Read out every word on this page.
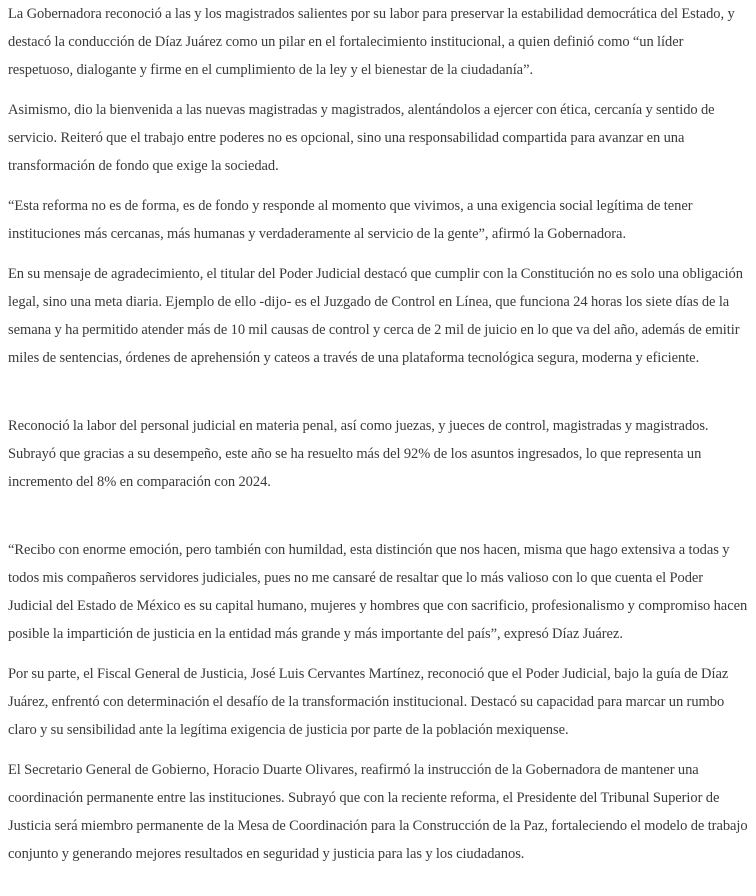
La Gobernadora reconoció a las y los magistrados salientes por su labor para preservar la estabilidad democrática del Estado, y destacó la conducción de Díaz Juárez como un pilar en el fortalecimiento institucional, a quien definió como “un líder respetuoso, dialogante y firme en el cumplimiento de la ley y el bienestar de la ciudadanía”.

Asimismo, dio la bienvenida a las nuevas magistradas y magistrados, alentándolos a ejercer con ética, cercanía y sentido de servicio. Reiteró que el trabajo entre poderes no es opcional, sino una responsabilidad compartida para avanzar en una transformación de fondo que exige la sociedad.

“Esta reforma no es de forma, es de fondo y responde al momento que vivimos, a una exigencia social legítima de tener instituciones más cercanas, más humanas y verdaderamente al servicio de la gente”, afirmó la Gobernadora.

En su mensaje de agradecimiento, el titular del Poder Judicial destacó que cumplir con la Constitución no es solo una obligación legal, sino una meta diaria. Ejemplo de ello -dijo- es el Juzgado de Control en Línea, que funciona 24 horas los siete días de la semana y ha permitido atender más de 10 mil causas de control y cerca de 2 mil de juicio en lo que va del año, además de emitir miles de sentencias, órdenes de aprehensión y cateos a través de una plataforma tecnológica segura, moderna y eficiente.

Reconoció la labor del personal judicial en materia penal, así como juezas, y jueces de control, magistradas y magistrados. Subrayó que gracias a su desempeño, este año se ha resuelto más del 92% de los asuntos ingresados, lo que representa un incremento del 8% en comparación con 2024.

“Recibo con enorme emoción, pero también con humildad, esta distinción que nos hacen, misma que hago extensiva a todas y todos mis compañeros servidores judiciales, pues no me cansaré de resaltar que lo más valioso con lo que cuenta el Poder Judicial del Estado de México es su capital humano, mujeres y hombres que con sacrificio, profesionalismo y compromiso hacen posible la impartición de justicia en la entidad más grande y más importante del país”, expresó Díaz Juárez.

Por su parte, el Fiscal General de Justicia, José Luis Cervantes Martínez, reconoció que el Poder Judicial, bajo la guía de Díaz Juárez, enfrentó con determinación el desafío de la transformación institucional. Destacó su capacidad para marcar un rumbo claro y su sensibilidad ante la legítima exigencia de justicia por parte de la población mexiquense.

El Secretario General de Gobierno, Horacio Duarte Olivares, reafirmó la instrucción de la Gobernadora de mantener una coordinación permanente entre las instituciones. Subrayó que con la reciente reforma, el Presidente del Tribunal Superior de Justicia será miembro permanente de la Mesa de Coordinación para la Construcción de la Paz, fortaleciendo el modelo de trabajo conjunto y generando mejores resultados en seguridad y justicia para las y los ciudadanos.
